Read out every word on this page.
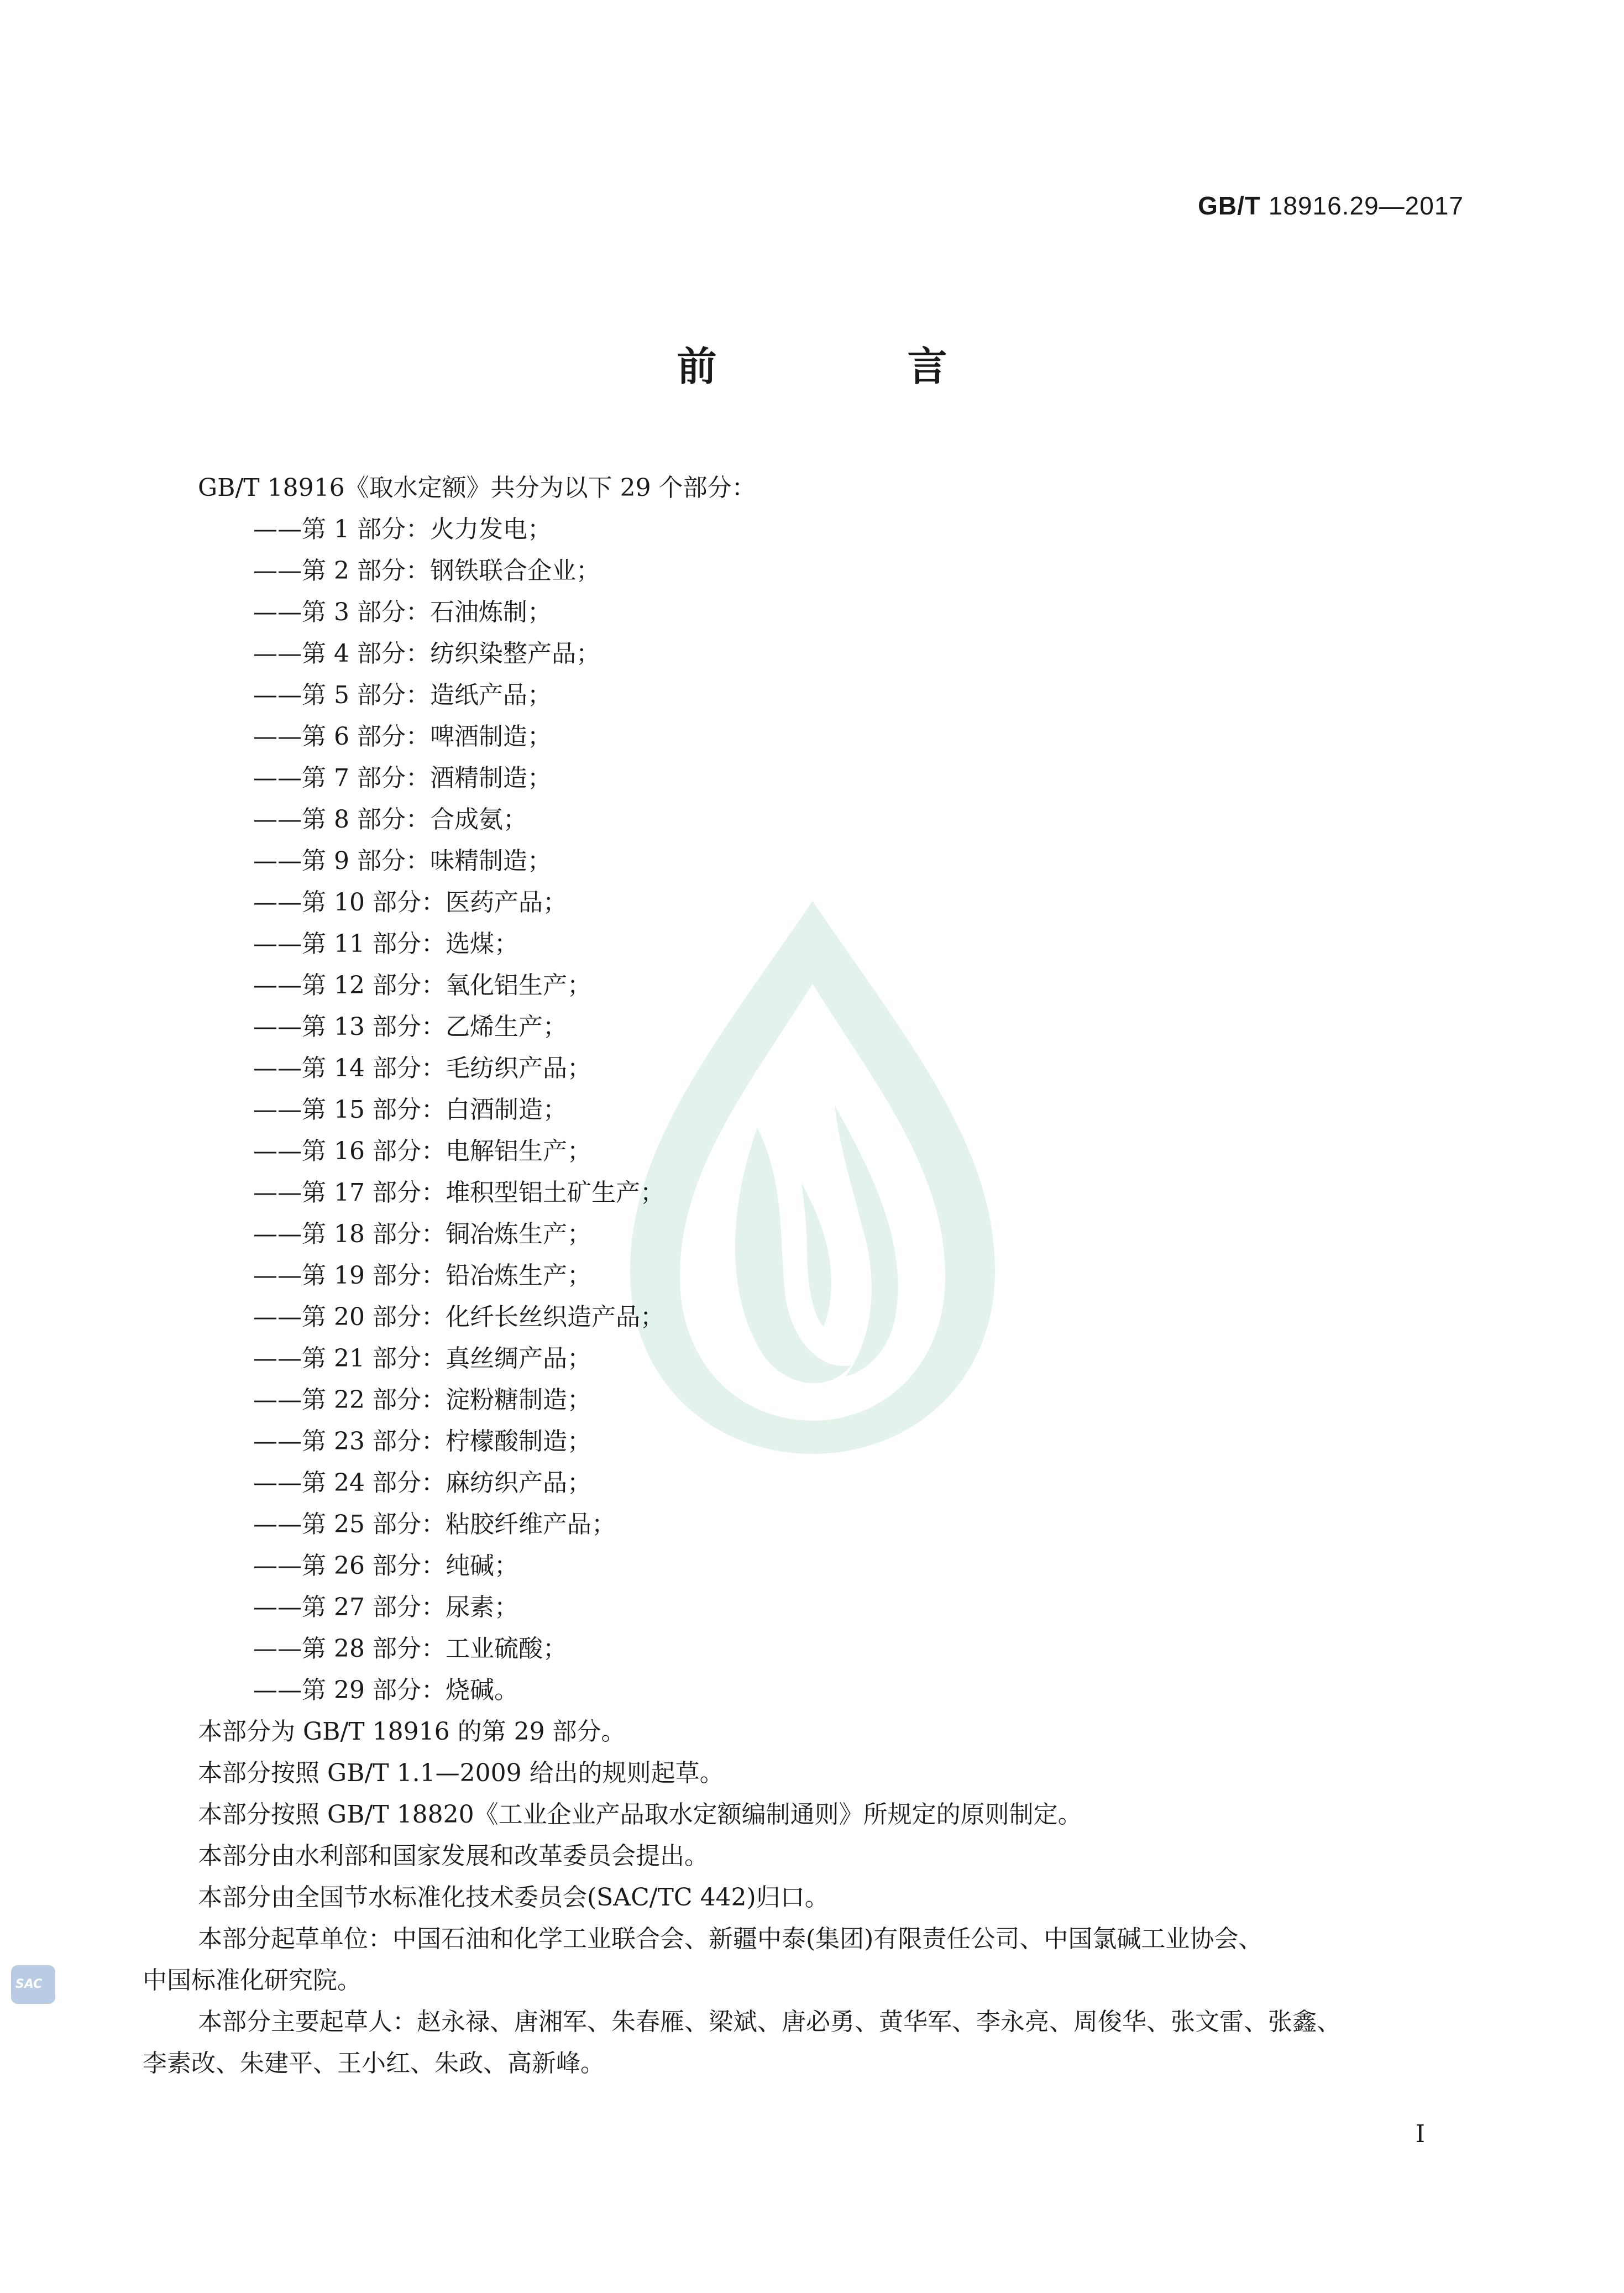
GB/T 18916.29—2017
前 言
GB/T 18916《取水定额》共分为以下 29 个部分：
——第 1 部分：火力发电；
——第 2 部分：钢铁联合企业；
——第 3 部分：石油炼制；
——第 4 部分：纺织染整产品；
——第 5 部分：造纸产品；
——第 6 部分：啤酒制造；
——第 7 部分：酒精制造；
——第 8 部分：合成氨；
——第 9 部分：味精制造；
——第 10 部分：医药产品；
——第 11 部分：选煤；
——第 12 部分：氧化铝生产；
——第 13 部分：乙烯生产；
——第 14 部分：毛纺织产品；
——第 15 部分：白酒制造；
——第 16 部分：电解铝生产；
——第 17 部分：堆积型铝土矿生产；
——第 18 部分：铜冶炼生产；
——第 19 部分：铅冶炼生产；
——第 20 部分：化纤长丝织造产品；
——第 21 部分：真丝绸产品；
——第 22 部分：淀粉糖制造；
——第 23 部分：柠檬酸制造；
——第 24 部分：麻纺织产品；
——第 25 部分：粘胶纤维产品；
——第 26 部分：纯碱；
——第 27 部分：尿素；
——第 28 部分：工业硫酸；
——第 29 部分：烧碱。
本部分为 GB/T 18916 的第 29 部分。
本部分按照 GB/T 1.1—2009 给出的规则起草。
本部分按照 GB/T 18820《工业企业产品取水定额编制通则》所规定的原则制定。
本部分由水利部和国家发展和改革委员会提出。
本部分由全国节水标准化技术委员会(SAC/TC 442)归口。
本部分起草单位：中国石油和化学工业联合会、新疆中泰(集团)有限责任公司、中国氯碱工业协会、
中国标准化研究院。
本部分主要起草人：赵永禄、唐湘军、朱春雁、梁斌、唐必勇、黄华军、李永亮、周俊华、张文雷、张鑫、
李素改、朱建平、王小红、朱政、高新峰。
SAC
I
